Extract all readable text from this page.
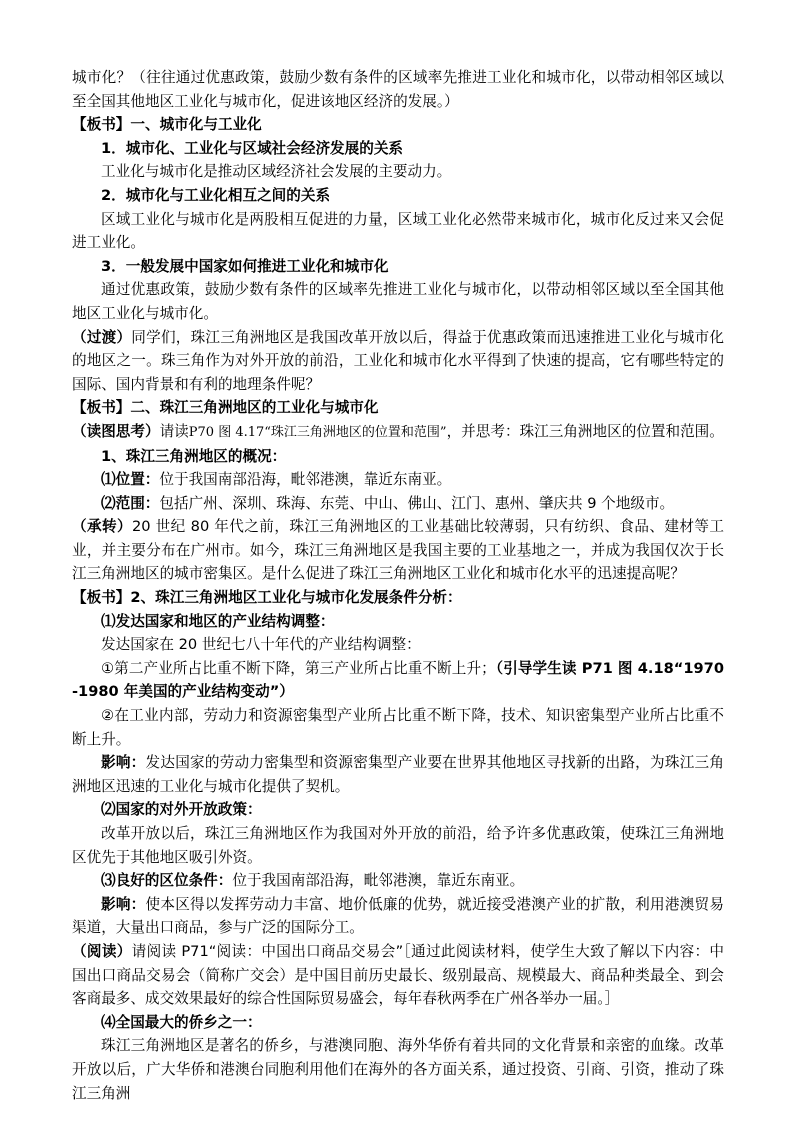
城市化？（往往通过优惠政策，鼓励少数有条件的区域率先推进工业化和城市化，以带动相邻区域以至全国其他地区工业化与城市化，促进该地区经济的发展。）

【板书】一、城市化与工业化

1．城市化、工业化与区域社会经济发展的关系

工业化与城市化是推动区域经济社会发展的主要动力。

2．城市化与工业化相互之间的关系

区域工业化与城市化是两股相互促进的力量，区域工业化必然带来城市化，城市化反过来又会促进工业化。

3．一般发展中国家如何推进工业化和城市化

通过优惠政策，鼓励少数有条件的区域率先推进工业化与城市化，以带动相邻区域以至全国其他地区工业化与城市化。

（过渡）同学们，珠江三角洲地区是我国改革开放以后，得益于优惠政策而迅速推进工业化与城市化的地区之一。珠三角作为对外开放的前沿，工业化和城市化水平得到了快速的提高，它有哪些特定的国际、国内背景和有利的地理条件呢？

【板书】二、珠江三角洲地区的工业化与城市化

（读图思考）请读P70 图 4.17“珠江三角洲地区的位置和范围”，并思考：珠江三角洲地区的位置和范围。

1、珠江三角洲地区的概况：

⑴位置：位于我国南部沿海，毗邻港澳，靠近东南亚。

⑵范围：包括广州、深圳、珠海、东莞、中山、佛山、江门、惠州、肇庆共 9 个地级市。

（承转）20 世纪 80 年代之前，珠江三角洲地区的工业基础比较薄弱，只有纺织、食品、建材等工业，并主要分布在广州市。如今，珠江三角洲地区是我国主要的工业基地之一，并成为我国仅次于长江三角洲地区的城市密集区。是什么促进了珠江三角洲地区工业化和城市化水平的迅速提高呢？

【板书】2、珠江三角洲地区工业化与城市化发展条件分析：

⑴发达国家和地区的产业结构调整：

发达国家在 20 世纪七八十年代的产业结构调整：

①第二产业所占比重不断下降，第三产业所占比重不断上升；（引导学生读 P71 图 4.18“1970-1980 年美国的产业结构变动”）

②在工业内部，劳动力和资源密集型产业所占比重不断下降，技术、知识密集型产业所占比重不断上升。

影响：发达国家的劳动力密集型和资源密集型产业要在世界其他地区寻找新的出路，为珠江三角洲地区迅速的工业化与城市化提供了契机。

⑵国家的对外开放政策：

改革开放以后，珠江三角洲地区作为我国对外开放的前沿，给予许多优惠政策，使珠江三角洲地区优先于其他地区吸引外资。

⑶良好的区位条件：位于我国南部沿海，毗邻港澳，靠近东南亚。

影响：使本区得以发挥劳动力丰富、地价低廉的优势，就近接受港澳产业的扩散，利用港澳贸易渠道，大量出口商品，参与广泛的国际分工。

（阅读）请阅读 P71“阅读：中国出口商品交易会”［通过此阅读材料，使学生大致了解以下内容：中国出口商品交易会（简称广交会）是中国目前历史最长、级别最高、规模最大、商品种类最全、到会客商最多、成交效果最好的综合性国际贸易盛会，每年春秋两季在广州各举办一届。］

⑷全国最大的侨乡之一：

珠江三角洲地区是著名的侨乡，与港澳同胞、海外华侨有着共同的文化背景和亲密的血缘。改革开放以后，广大华侨和港澳台同胞利用他们在海外的各方面关系，通过投资、引商、引资，推动了珠江三角洲
